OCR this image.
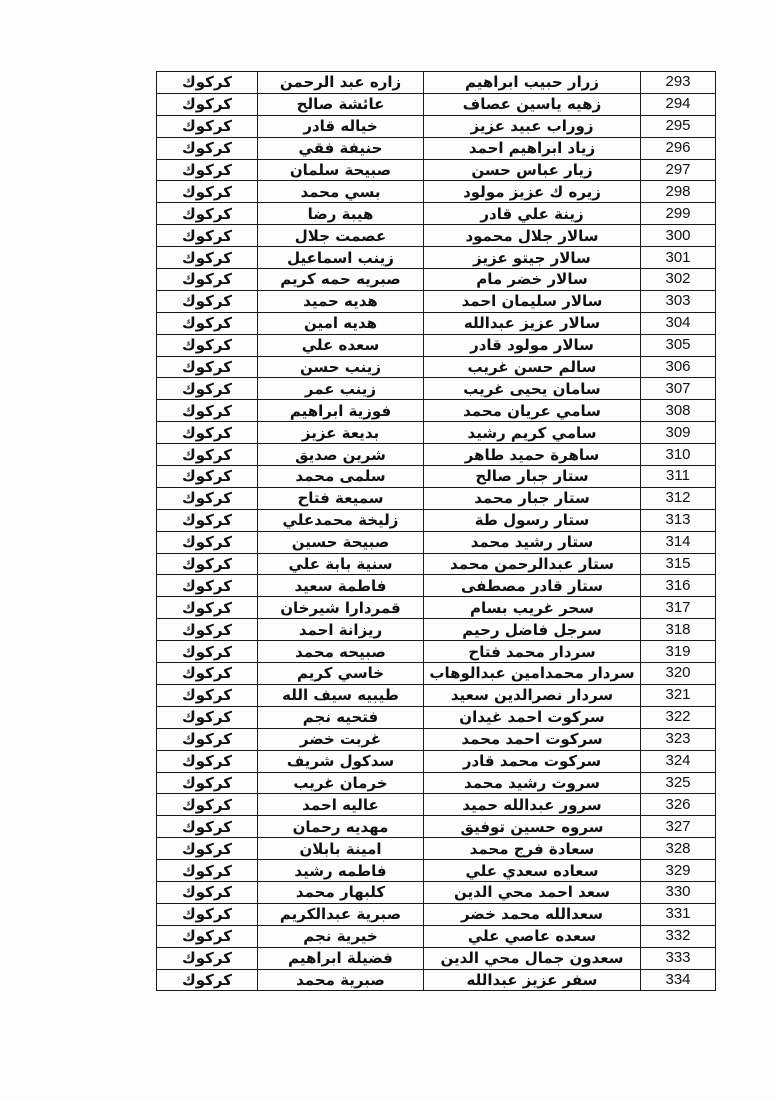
كركوك	زاره عبد الرحمن	زرار حبيب ابراهيم	293
كركوك	عائشة صالح	زهيه ياسين عصاف	294
كركوك	خياله قادر	زوراب عبيد عزيز	295
كركوك	حنيفة فقي	زياد ابراهيم احمد	296
كركوك	صبيحة سلمان	زيار عباس حسن	297
كركوك	بسي محمد	زيره ك عزيز مولود	298
كركوك	هيبة رضا	زينة علي قادر	299
كركوك	عصمت جلال	سالار جلال محمود	300
كركوك	زينب اسماعيل	سالار جيتو عزيز	301
كركوك	صبريه حمه كريم	سالار خضر مام	302
كركوك	هديه حميد	سالار سليمان احمد	303
كركوك	هديه امين	سالار عزيز عبدالله	304
كركوك	سعده علي	سالار مولود قادر	305
كركوك	زينب حسن	سالم حسن غريب	306
كركوك	زينب عمر	سامان يحيى غريب	307
كركوك	فوزية ابراهيم	سامي عريان محمد	308
كركوك	بديعة عزيز	سامي كريم رشيد	309
كركوك	شرين صديق	ساهرة حميد طاهر	310
كركوك	سلمى محمد	ستار جبار صالح	311
كركوك	سميعة فتاح	ستار جبار محمد	312
كركوك	زليخة محمدعلي	ستار رسول طة	313
كركوك	صبيحة حسين	ستار رشيد محمد	314
كركوك	سنية بابة علي	ستار عبدالرحمن محمد	315
كركوك	فاطمة سعيد	ستار قادر مصطفى	316
كركوك	قمردارا شيرخان	سحر غريب بسام	317
كركوك	ريزانة احمد	سرجل فاضل رحيم	318
كركوك	صبيحه محمد	سردار محمد فتاح	319
كركوك	خاسي كريم	سردار محمدامين عبدالوهاب	320
كركوك	طيبيه سيف الله	سردار نصرالدين سعيد	321
كركوك	فتحيه نجم	سركوت احمد غيدان	322
كركوك	غربت خضر	سركوت احمد محمد	323
كركوك	سدكول شريف	سركوت محمد قادر	324
كركوك	خرمان غريب	سروت رشيد محمد	325
كركوك	عاليه احمد	سرور عبدالله حميد	326
كركوك	مهديه رحمان	سروه حسين توفيق	327
كركوك	امينة بابلان	سعادة فرج محمد	328
كركوك	فاطمه رشيد	سعاده سعدي علي	329
كركوك	كلبهار محمد	سعد احمد محي الدين	330
كركوك	صبرية عبدالكريم	سعدالله محمد خضر	331
كركوك	خيرية نجم	سعده عاصي علي	332
كركوك	فضيلة ابراهيم	سعدون جمال محي الدين	333
كركوك	صبرية محمد	سفر عزيز عبدالله	334
